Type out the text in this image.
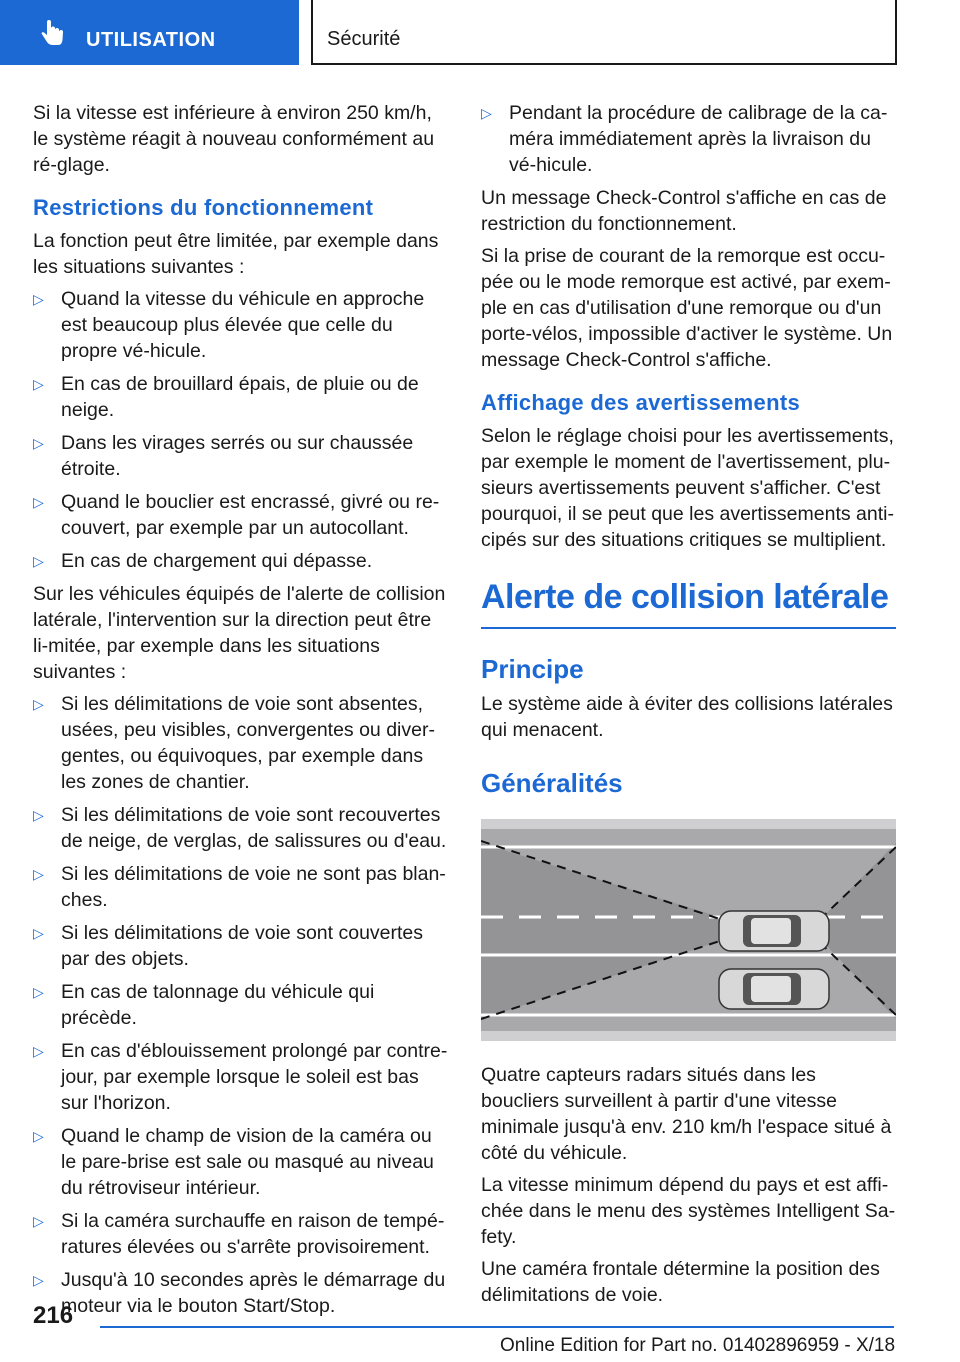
UTILISATION	Sécurité

Si la vitesse est inférieure à environ 250 km/h, le système réagit à nouveau conformément au ré-glage.

Restrictions du fonctionnement

La fonction peut être limitée, par exemple dans les situations suivantes :

▷ Quand la vitesse du véhicule en approche est beaucoup plus élevée que celle du propre vé-hicule.
▷ En cas de brouillard épais, de pluie ou de neige.
▷ Dans les virages serrés ou sur chaussée étroite.
▷ Quand le bouclier est encrassé, givré ou re-couvert, par exemple par un autocollant.
▷ En cas de chargement qui dépasse.

Sur les véhicules équipés de l'alerte de collision latérale, l'intervention sur la direction peut être li-mitée, par exemple dans les situations suivantes :

▷ Si les délimitations de voie sont absentes, usées, peu visibles, convergentes ou diver-gentes, ou équivoques, par exemple dans les zones de chantier.
▷ Si les délimitations de voie sont recouvertes de neige, de verglas, de salissures ou d'eau.
▷ Si les délimitations de voie ne sont pas blan-ches.
▷ Si les délimitations de voie sont couvertes par des objets.
▷ En cas de talonnage du véhicule qui précède.
▷ En cas d'éblouissement prolongé par contre-jour, par exemple lorsque le soleil est bas sur l'horizon.
▷ Quand le champ de vision de la caméra ou le pare-brise est sale ou masqué au niveau du rétroviseur intérieur.
▷ Si la caméra surchauffe en raison de tempé-ratures élevées ou s'arrête provisoirement.
▷ Jusqu'à 10 secondes après le démarrage du moteur via le bouton Start/Stop.
▷ Pendant la procédure de calibrage de la ca-méra immédiatement après la livraison du vé-hicule.

Un message Check-Control s'affiche en cas de restriction du fonctionnement.

Si la prise de courant de la remorque est occu-pée ou le mode remorque est activé, par exem-ple en cas d'utilisation d'une remorque ou d'un porte-vélos, impossible d'activer le système. Un message Check-Control s'affiche.

Affichage des avertissements

Selon le réglage choisi pour les avertissements, par exemple le moment de l'avertissement, plu-sieurs avertissements peuvent s'afficher. C'est pourquoi, il se peut que les avertissements anti-cipés sur des situations critiques se multiplient.

Alerte de collision latérale
Principe

Le système aide à éviter des collisions latérales qui menacent.

Généralités

Quatre capteurs radars situés dans les boucliers surveillent à partir d'une vitesse minimale jusqu'à env. 210 km/h l'espace situé à côté du véhicule.

La vitesse minimum dépend du pays et est affi-chée dans le menu des systèmes Intelligent Sa-fety.

Une caméra frontale détermine la position des délimitations de voie.

216
Online Edition for Part no. 01402896959 - X/18
